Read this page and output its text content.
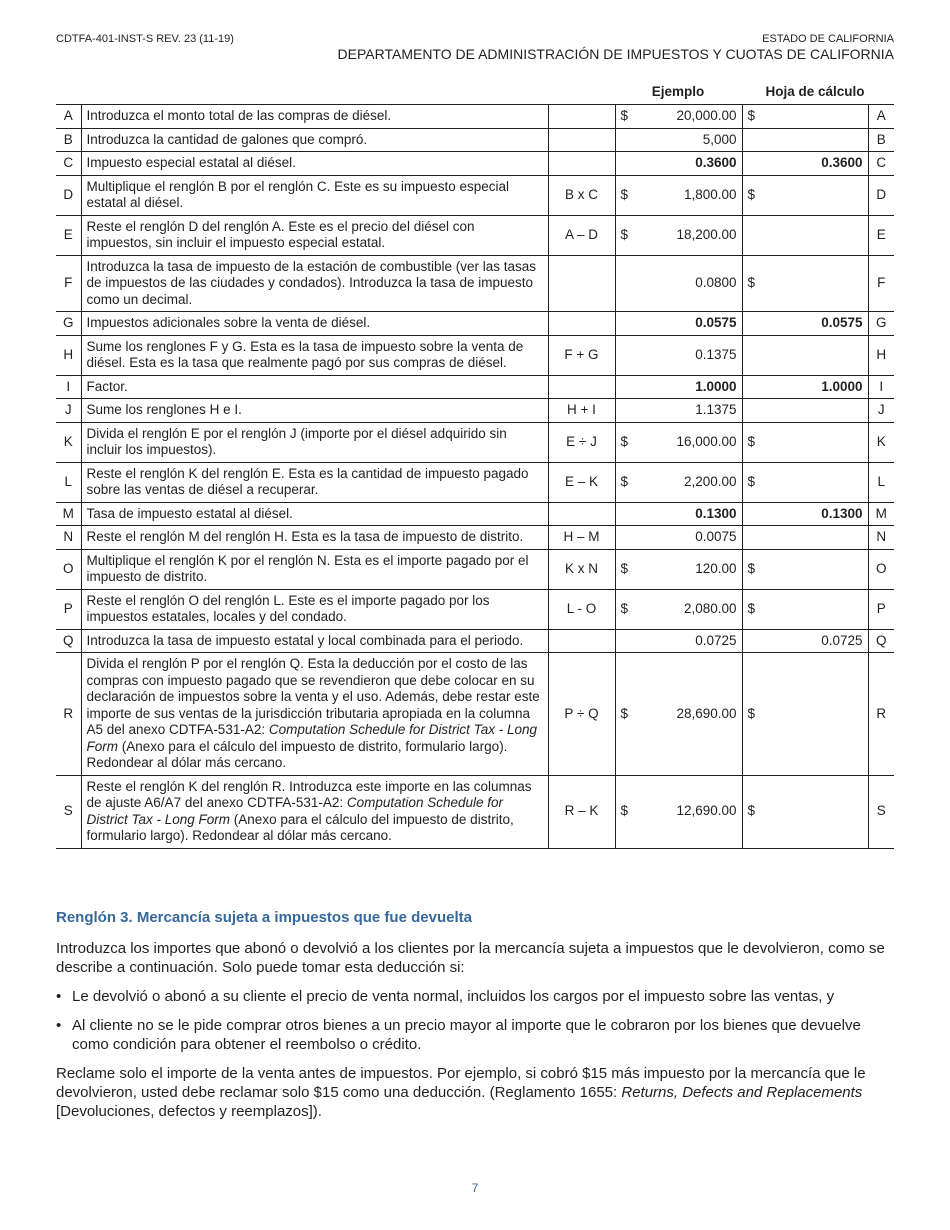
CDTFA-401-INST-S REV. 23 (11-19)	ESTADO DE CALIFORNIA
DEPARTAMENTO DE ADMINISTRACIÓN DE IMPUESTOS Y CUOTAS DE CALIFORNIA
Ejemplo	Hoja de cálculo
A	Introduzca el monto total de las compras de diésel.		$	20,000.00	$		A
B	Introduzca la cantidad de galones que compró.			5,000			B
C	Impuesto especial estatal al diésel.			0.3600		0.3600	C
D	Multiplique el renglón B por el renglón C. Este es su impuesto especial estatal al diésel.	B x C	$	1,800.00	$		D
E	Reste el renglón D del renglón A. Este es el precio del diésel con impuestos, sin incluir el impuesto especial estatal.	A – D	$	18,200.00			E
F	Introduzca la tasa de impuesto de la estación de combustible (ver las tasas de impuestos de las ciudades y condados). Introduzca la tasa de impuesto como un decimal.			0.0800	$		F
G	Impuestos adicionales sobre la venta de diésel.			0.0575		0.0575	G
H	Sume los renglones F y G. Esta es la tasa de impuesto sobre la venta de diésel. Esta es la tasa que realmente pagó por sus compras de diésel.	F + G		0.1375			H
I	Factor.			1.0000		1.0000	I
J	Sume los renglones H e I.	H + I		1.1375			J
K	Divida el renglón E por el renglón J (importe por el diésel adquirido sin incluir los impuestos).	E ÷ J	$	16,000.00	$		K
L	Reste el renglón K del renglón E. Esta es la cantidad de impuesto pagado sobre las ventas de diésel a recuperar.	E – K	$	2,200.00	$		L
M	Tasa de impuesto estatal al diésel.			0.1300		0.1300	M
N	Reste el renglón M del renglón H. Esta es la tasa de impuesto de distrito.	H – M		0.0075			N
O	Multiplique el renglón K por el renglón N. Esta es el importe pagado por el impuesto de distrito.	K x N	$	120.00	$		O
P	Reste el renglón O del renglón L. Este es el importe pagado por los impuestos estatales, locales y del condado.	L - O	$	2,080.00	$		P
Q	Introduzca la tasa de impuesto estatal y local combinada para el periodo.			0.0725		0.0725	Q
R	Divida el renglón P por el renglón Q. Esta la deducción por el costo de las compras con impuesto pagado que se revendieron que debe colocar en su declaración de impuestos sobre la venta y el uso. Además, debe restar este importe de sus ventas de la jurisdicción tributaria apropiada en la columna A5 del anexo CDTFA-531-A2: Computation Schedule for District Tax - Long Form (Anexo para el cálculo del impuesto de distrito, formulario largo). Redondear al dólar más cercano.	P ÷ Q	$	28,690.00	$		R
S	Reste el renglón K del renglón R. Introduzca este importe en las columnas de ajuste A6/A7 del anexo CDTFA-531-A2: Computation Schedule for District Tax - Long Form (Anexo para el cálculo del impuesto de distrito, formulario largo). Redondear al dólar más cercano.	R – K	$	12,690.00	$		S
Renglón 3. Mercancía sujeta a impuestos que fue devuelta

Introduzca los importes que abonó o devolvió a los clientes por la mercancía sujeta a impuestos que le devolvieron, como se describe a continuación. Solo puede tomar esta deducción si:

• Le devolvió o abonó a su cliente el precio de venta normal, incluidos los cargos por el impuesto sobre las ventas, y
• Al cliente no se le pide comprar otros bienes a un precio mayor al importe que le cobraron por los bienes que devuelve como condición para obtener el reembolso o crédito.

Reclame solo el importe de la venta antes de impuestos. Por ejemplo, si cobró $15 más impuesto por la mercancía que le devolvieron, usted debe reclamar solo $15 como una deducción. (Reglamento 1655: Returns, Defects and Replacements [Devoluciones, defectos y reemplazos]).

7
